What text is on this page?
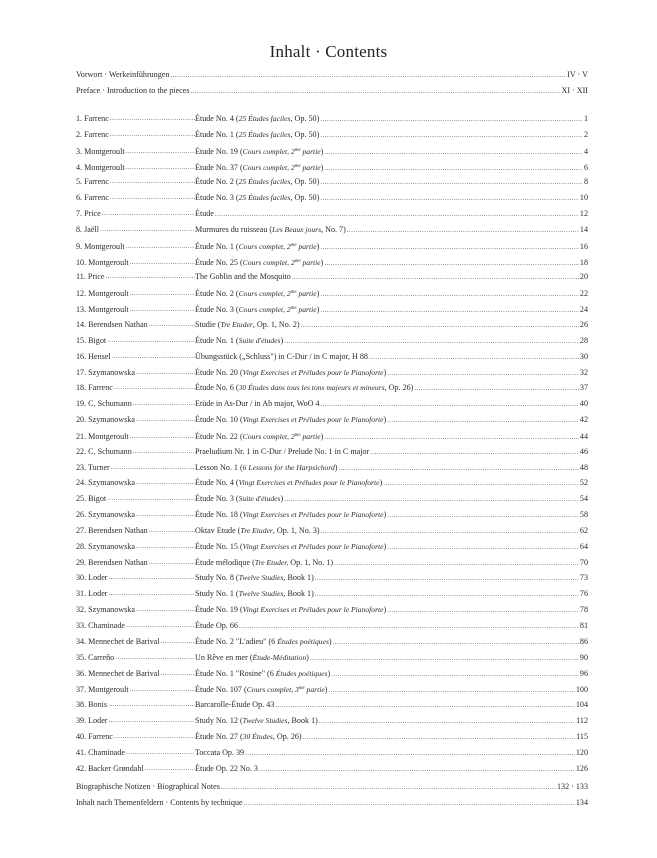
Inhalt · Contents
Vorwort · Werkeinführungen .....	IV · V
Preface · Introduction to the pieces .....	XI · XII
1. Farrenc .....	Étude No. 4 (25 Études faciles, Op. 50) .....	1
2. Farrenc .....	Étude No. 1 (25 Études faciles, Op. 50) .....	2
3. Montgeroult .....	Étude No. 19 (Cours complet, $2^{me}$ partie) .....	4
4. Montgeroult .....	Étude No. 37 (Cours complet, $2^{me}$ partie) .....	6
5. Farrenc .....	Étude No. 2 (25 Études faciles, Op. 50) .....	8
6. Farrenc .....	Étude No. 3 (25 Études faciles, Op. 50) .....	10
7. Price .....	Étude .....	12
8. Jaëll .....	Murmures du ruisseau (Les Beaux jours, No. 7) .....	14
9. Montgeroult .....	Étude No. 1 (Cours complet, $2^{me}$ partie) .....	16
10. Montgeroult .....	Étude No. 25 (Cours complet, $2^{me}$ partie) .....	18
11. Price .....	The Goblin and the Mosquito .....	20
12. Montgeroult .....	Étude No. 2 (Cours complet, $2^{me}$ partie) .....	22
13. Montgeroult .....	Étude No. 3 (Cours complet, $2^{me}$ partie) .....	24
14. Berendsen Nathan .....	Studie (Tre Etuder, Op. 1, No. 2) .....	26
15. Bigot .....	Étude No. 1 (Suite d'études) .....	28
16. Hensel .....	Übungsstück („Schluss") in C-Dur / in C major, H 88 .....	30
17. Szymanowska .....	Étude No. 20 (Vingt Exercises et Préludes pour le Pianoforte) .....	32
18. Farrenc .....	Étude No. 6 (30 Études dans tous les tons majeurs et mineurs, Op. 26) .....	37
19. C. Schumann .....	Etüde in As-Dur / in Ab major, WoO 4 .....	40
20. Szymanowska .....	Étude No. 10 (Vingt Exercises et Préludes pour le Pianoforte) .....	42
21. Montgeroult .....	Étude No. 22 (Cours complet, $2^{me}$ partie) .....	44
22. C. Schumann .....	Praeludium Nr. 1 in C-Dur / Prelude No. 1 in C major .....	46
23. Turner .....	Lesson No. 1 (6 Lessons for the Harpsichord) .....	48
24. Szymanowska .....	Étude No. 4 (Vingt Exercises et Préludes pour le Pianoforte) .....	52
25. Bigot .....	Étude No. 3 (Suite d'études) .....	54
26. Szymanowska .....	Étude No. 18 (Vingt Exercises et Préludes pour le Pianoforte) .....	58
27. Berendsen Nathan .....	Oktav Etude (Tre Etuder, Op. 1, No. 3) .....	62
28. Szymanowska .....	Étude No. 15 (Vingt Exercises et Préludes pour le Pianoforte) .....	64
29. Berendsen Nathan .....	Étude mélodique (Tre Etuder, Op. 1, No. 1) .....	70
30. Loder .....	Study No. 8 (Twelve Studies, Book 1) .....	73
31. Loder .....	Study No. 1 (Twelve Studies, Book 1) .....	76
32. Szymanowska .....	Étude No. 19 (Vingt Exercises et Préludes pour le Pianoforte) .....	78
33. Chaminade .....	Étude Op. 66 .....	81
34. Mennechet de Barival .....	Étude No. 2 "L'adieu" (6 Études poétiques) .....	86
35. Carreño .....	Un Rêve en mer (Étude-Méditation) .....	90
36. Mennechet de Barival .....	Étude No. 1 "Rosine" (6 Études poétiques) .....	96
37. Montgeroult .....	Étude No. 107 (Cours complet, $3^{me}$ partie) .....	100
38. Bonis .....	Barcarolle-Étude Op. 43 .....	104
39. Loder .....	Study No. 12 (Twelve Studies, Book 1) .....	112
40. Farrenc .....	Étude No. 27 (30 Études, Op. 26) .....	115
41. Chaminade .....	Toccata Op. 39 .....	120
42. Backer Grøndahl .....	Étude Op. 22 No. 3 .....	126
Biographische Notizen · Biographical Notes .....	132 · 133
Inhalt nach Themenfeldern · Contents by technique .....	134
